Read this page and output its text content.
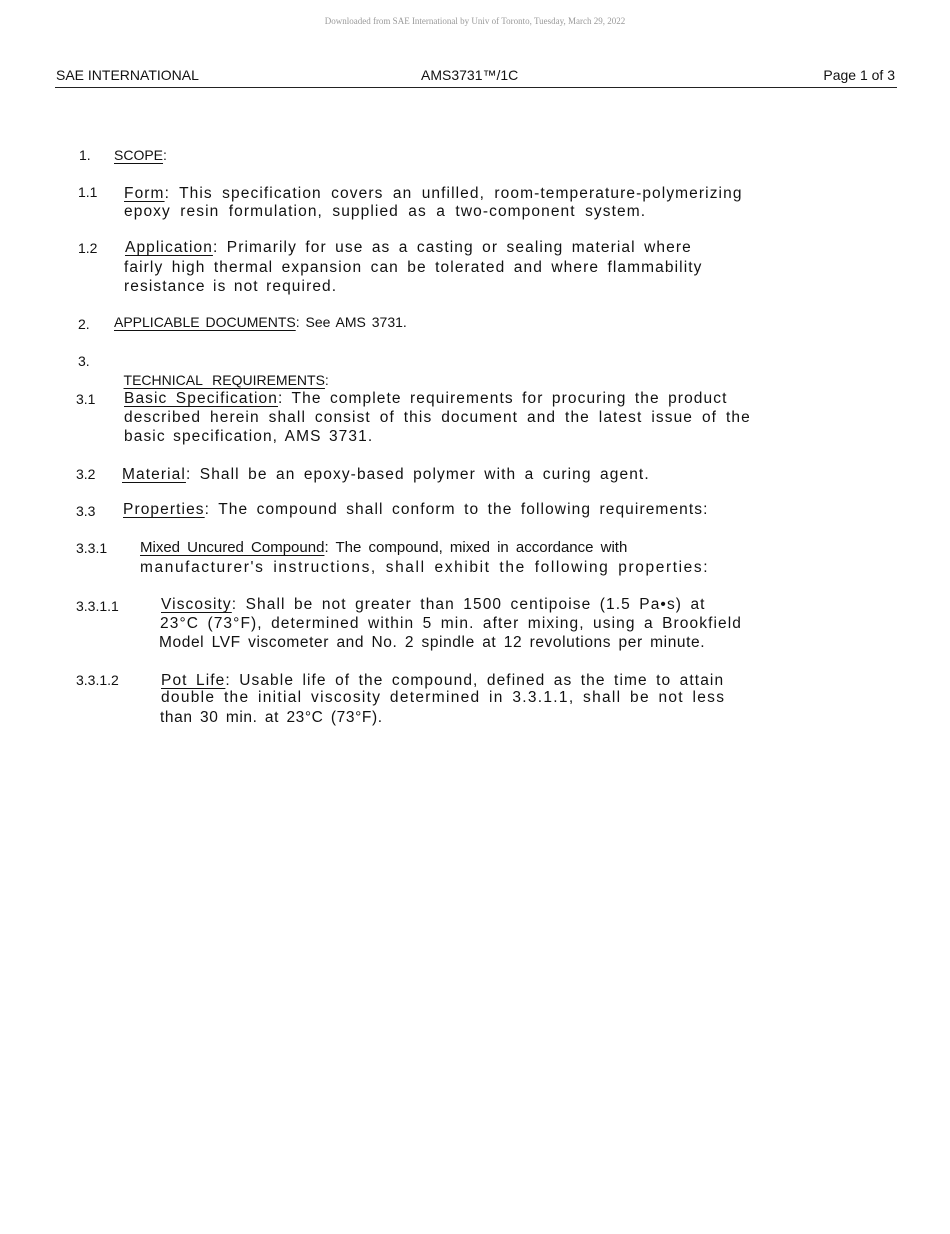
Downloaded from SAE International by Univ of Toronto, Tuesday, March 29, 2022
SAE INTERNATIONAL	AMS3731™/1C	Page 1 of 3
1. SCOPE:
1.1 Form: This specification covers an unfilled, room-temperature-polymerizing
epoxy resin formulation, supplied as a two-component system.
1.2 Application: Primarily for use as a casting or sealing material where
fairly high thermal expansion can be tolerated and where flammability
resistance is not required.
2. APPLICABLE DOCUMENTS: See AMS 3731.
3.

TECHNICAL  REQUIREMENTS:

3.1 Basic Specification: The complete requirements for procuring the product
described herein shall consist of this document and the latest issue of the
basic specification, AMS 3731.
3.2 Material: Shall be an epoxy-based polymer with a curing agent.
3.3 Properties: The compound shall conform to the following requirements:
3.3.1 Mixed Uncured Compound: The compound, mixed in accordance with
manufacturer's instructions, shall exhibit the following properties:
3.3.1.1	Viscosity: Shall be not greater than 1500 centipoise (1.5 Pa•s) at
23°C (73°F), determined within 5 min. after mixing, using a Brookfield
Model LVF viscometer and No. 2 spindle at 12 revolutions per minute.
3.3.1.2	Pot Life: Usable life of the compound, defined as the time to attain
double the initial viscosity determined in 3.3.1.1, shall be not less
than 30 min. at 23°C (73°F).
